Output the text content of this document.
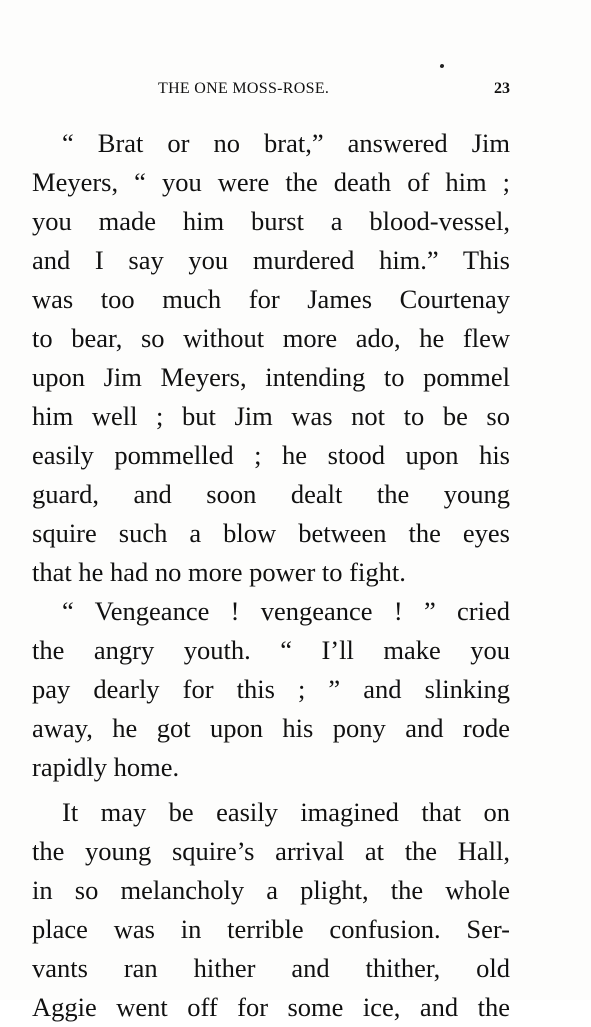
THE ONE MOSS-ROSE.	23
“ Brat or no brat,” answered Jim
Meyers, “ you were the death of him ;
you made him burst a blood-vessel,
and I say you murdered him.” This
was too much for James Courtenay
to bear, so without more ado, he flew
upon Jim Meyers, intending to pommel
him well ; but Jim was not to be so
easily pommelled ; he stood upon his
guard, and soon dealt the young
squire such a blow between the eyes
that he had no more power to fight.
“ Vengeance ! vengeance ! ” cried
the angry youth. “ I’ll make you
pay dearly for this ; ” and slinking
away, he got upon his pony and rode
rapidly home.
It may be easily imagined that on
the young squire’s arrival at the Hall,
in so melancholy a plight, the whole
place was in terrible confusion. Ser-
vants ran hither and thither, old
Aggie went off for some ice, and the
